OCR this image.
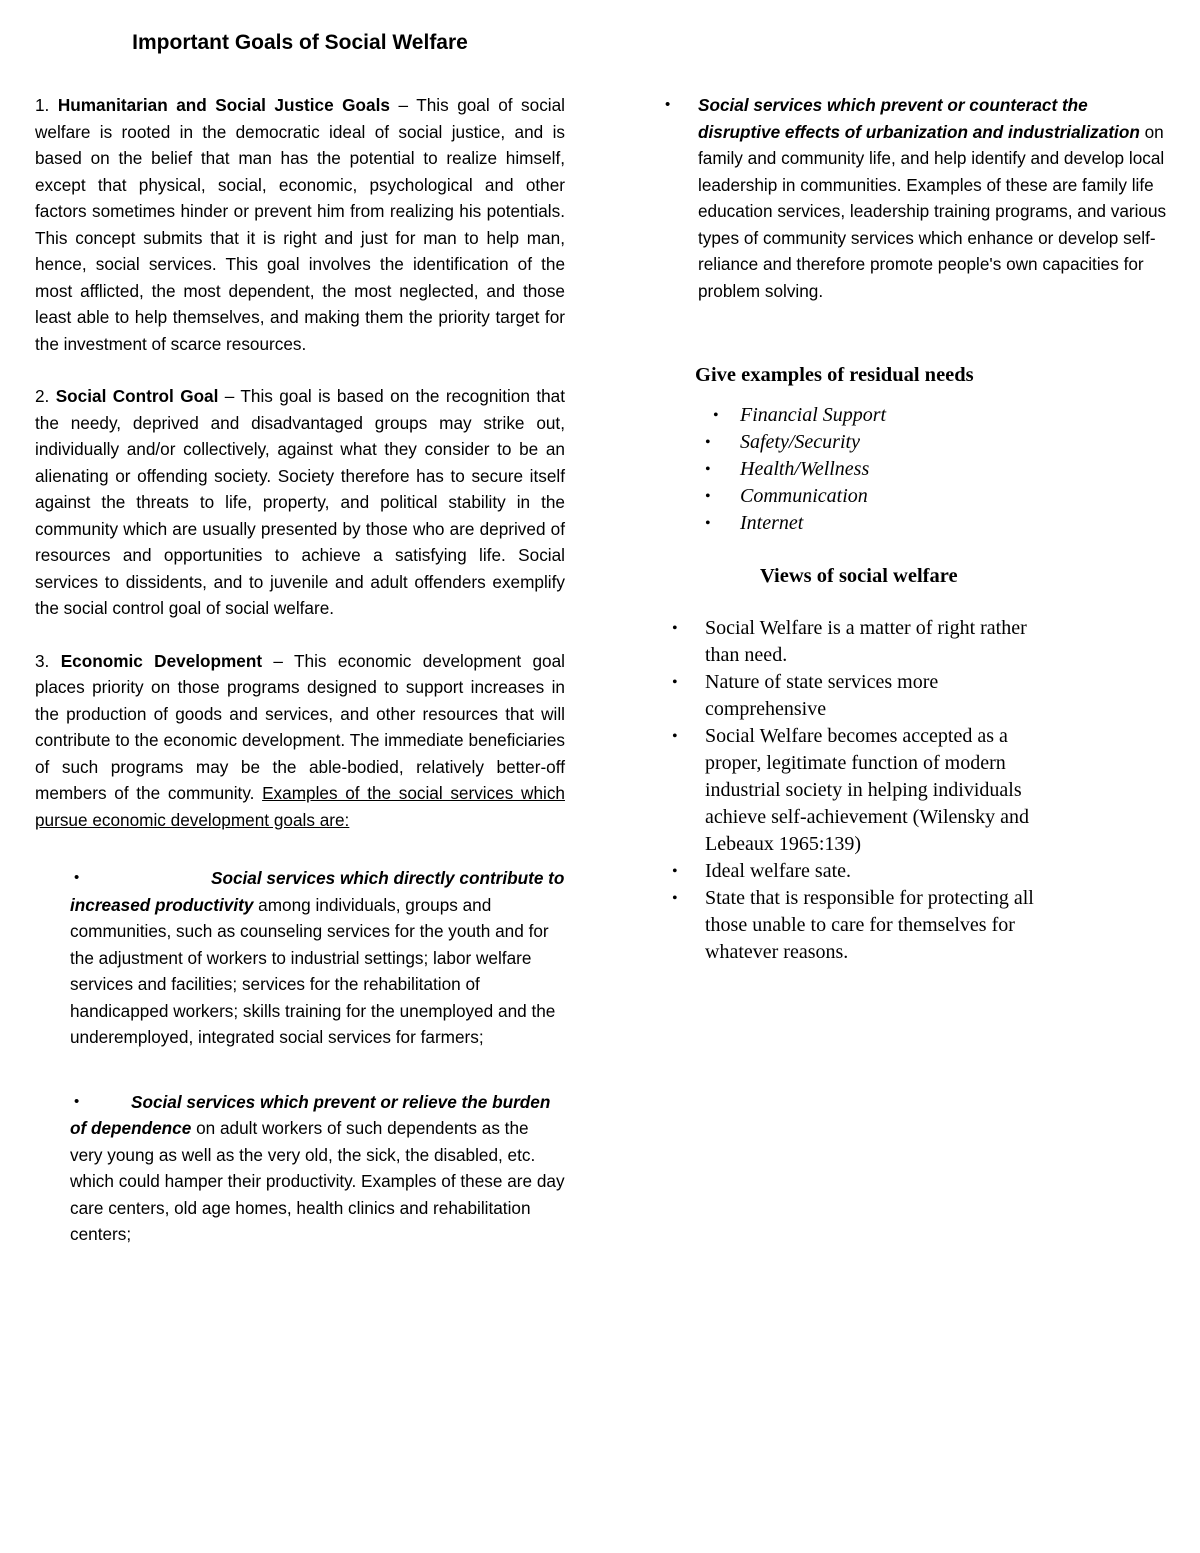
Important Goals of Social Welfare

1. Humanitarian and Social Justice Goals – This goal of social welfare is rooted in the democratic ideal of social justice, and is based on the belief that man has the potential to realize himself, except that physical, social, economic, psychological and other factors sometimes hinder or prevent him from realizing his potentials. This concept submits that it is right and just for man to help man, hence, social services. This goal involves the identification of the most afflicted, the most dependent, the most neglected, and those least able to help themselves, and making them the priority target for the investment of scarce resources.

2. Social Control Goal – This goal is based on the recognition that the needy, deprived and disadvantaged groups may strike out, individually and/or collectively, against what they consider to be an alienating or offending society. Society therefore has to secure itself against the threats to life, property, and political stability in the community which are usually presented by those who are deprived of resources and opportunities to achieve a satisfying life. Social services to dissidents, and to juvenile and adult offenders exemplify the social control goal of social welfare.

3. Economic Development – This economic development goal places priority on those programs designed to support increases in the production of goods and services, and other resources that will contribute to the economic development. The immediate beneficiaries of such programs may be the able-bodied, relatively better-off members of the community. Examples of the social services which pursue economic development goals are:

•	Social services which directly contribute to increased productivity among individuals, groups and communities, such as counseling services for the youth and for the adjustment of workers to industrial settings; labor welfare services and facilities; services for the rehabilitation of handicapped workers; skills training for the unemployed and the underemployed, integrated social services for farmers;
•	Social services which prevent or relieve the burden of dependence on adult workers of such dependents as the very young as well as the very old, the sick, the disabled, etc. which could hamper their productivity. Examples of these are day care centers, old age homes, health clinics and rehabilitation centers;
• Social services which prevent or counteract the disruptive effects of urbanization and industrialization on family and community life, and help identify and develop local leadership in communities. Examples of these are family life education services, leadership training programs, and various types of community services which enhance or develop self-reliance and therefore promote people's own capacities for problem solving.
Give examples of residual needs
• Financial Support
• Safety/Security
• Health/Wellness
• Communication
• Internet
Views of social welfare
• Social Welfare is a matter of right rather than need.
• Nature of state services more comprehensive
• Social Welfare becomes accepted as a proper, legitimate function of modern industrial society in helping individuals achieve self-achievement (Wilensky and Lebeaux 1965:139)
• Ideal welfare sate.
• State that is responsible for protecting all those unable to care for themselves for whatever reasons.
